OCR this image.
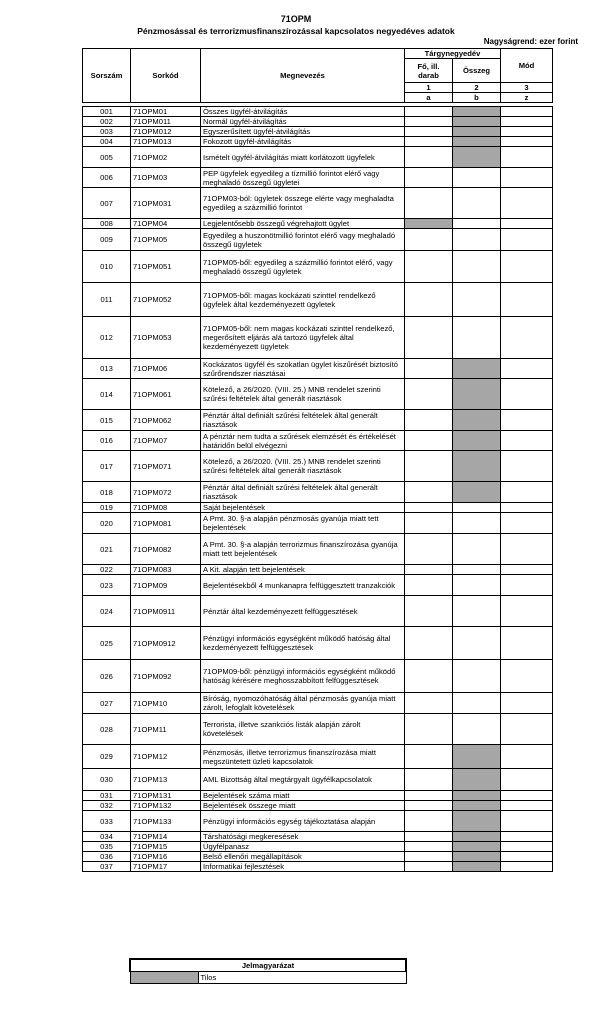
71OPM
Pénzmosással és terrorizmusfinanszírozással kapcsolatos negyedéves adatok
Nagyságrend: ezer forint
Sorszám	Sorkód	Megnevezés	Tárgynegyedév		Mód
			Fő, ill. darab	Összeg	

			1	2	3
			a	b	z

001	71OPM01	Összes ügyfél-átvilágítás			
002	71OPM011	Normál ügyfél-átvilágítás			
003	71OPM012	Egyszerűsített ügyfél-átvilágítás			
004	71OPM013	Fokozott ügyfél-átvilágítás			
005	71OPM02	Ismételt ügyfél-átvilágítás miatt korlátozott ügyfelek			
006	71OPM03	PEP ügyfelek egyedileg a tízmillió forintot elérő vagy meghaladó összegű ügyletei			
007	71OPM031	71OPM03-ból: ügyletek összege elérte vagy meghaladta egyedileg a százmillió forintot			
008	71OPM04	Legjelentősebb összegű végrehajtott ügylet			
009	71OPM05	Egyedileg a huszonötmillió forintot elérő vagy meghaladó összegű ügyletek			
010	71OPM051	71OPM05-ből: egyedileg a százmillió forintot elérő, vagy meghaladó összegű ügyletek			
011	71OPM052	71OPM05-ből: magas kockázati szinttel rendelkező ügyfelek által kezdeményezett ügyletek			
012	71OPM053	71OPM05-ből: nem magas kockázati szinttel rendelkező, megerősített eljárás alá tartozó ügyfelek által kezdeményezett ügyletek			
013	71OPM06	Kockázatos ügyfél és szokatlan ügylet kiszűrését biztosító szűrőrendszer riasztásai			
014	71OPM061	Kötelező, a 26/2020. (VIII. 25.) MNB rendelet szerinti szűrési feltételek által generált riasztások			
015	71OPM062	Pénztár által definiált szűrési feltételek által generált riasztások			
016	71OPM07	A pénztár nem tudta a szűrések elemzését és értékelését határidőn belül elvégezni			
017	71OPM071	Kötelező, a 26/2020. (VIII. 25.) MNB rendelet szerinti szűrési feltételek által generált riasztások			
018	71OPM072	Pénztár által definiált szűrési feltételek által generált riasztások			
019	71OPM08	Saját bejelentések			
020	71OPM081	A Pmt. 30. §-a alapján pénzmosás gyanúja miatt tett bejelentések			
021	71OPM082	A Pmt. 30. §-a alapján terrorizmus finanszírozása gyanúja miatt tett bejelentések			
022	71OPM083	A Kit. alapján tett bejelentések			
023	71OPM09	Bejelentésekből 4 munkanapra felfüggesztett tranzakciók			
024	71OPM0911	Pénztár által kezdeményezett felfüggesztések			
025	71OPM0912	Pénzügyi információs egységként működő hatóság által kezdeményezett felfüggesztések			
026	71OPM092	71OPM09-ből: pénzügyi információs egységként működő hatóság kérésére meghosszabbított felfüggesztések			
027	71OPM10	Bíróság, nyomozóhatóság által pénzmosás gyanúja miatt zárolt, lefoglalt követelések			
028	71OPM11	Terrorista, illetve szankciós listák alapján zárolt követelések			
029	71OPM12	Pénzmosás, illetve terrorizmus finanszírozása miatt megszüntetett üzleti kapcsolatok			
030	71OPM13	AML Bizottság által megtárgyalt ügyfélkapcsolatok			
031	71OPM131	Bejelentések száma miatt			
032	71OPM132	Bejelentések összege miatt			
033	71OPM133	Pénzügyi információs egység tájékoztatása alapján			
034	71OPM14	Társhatósági megkeresések			
035	71OPM15	Ügyfélpanasz			
036	71OPM16	Belső ellenőri megállapítások			
037	71OPM17	Informatikai fejlesztések			
Jelmagyarázat
	Tilos
